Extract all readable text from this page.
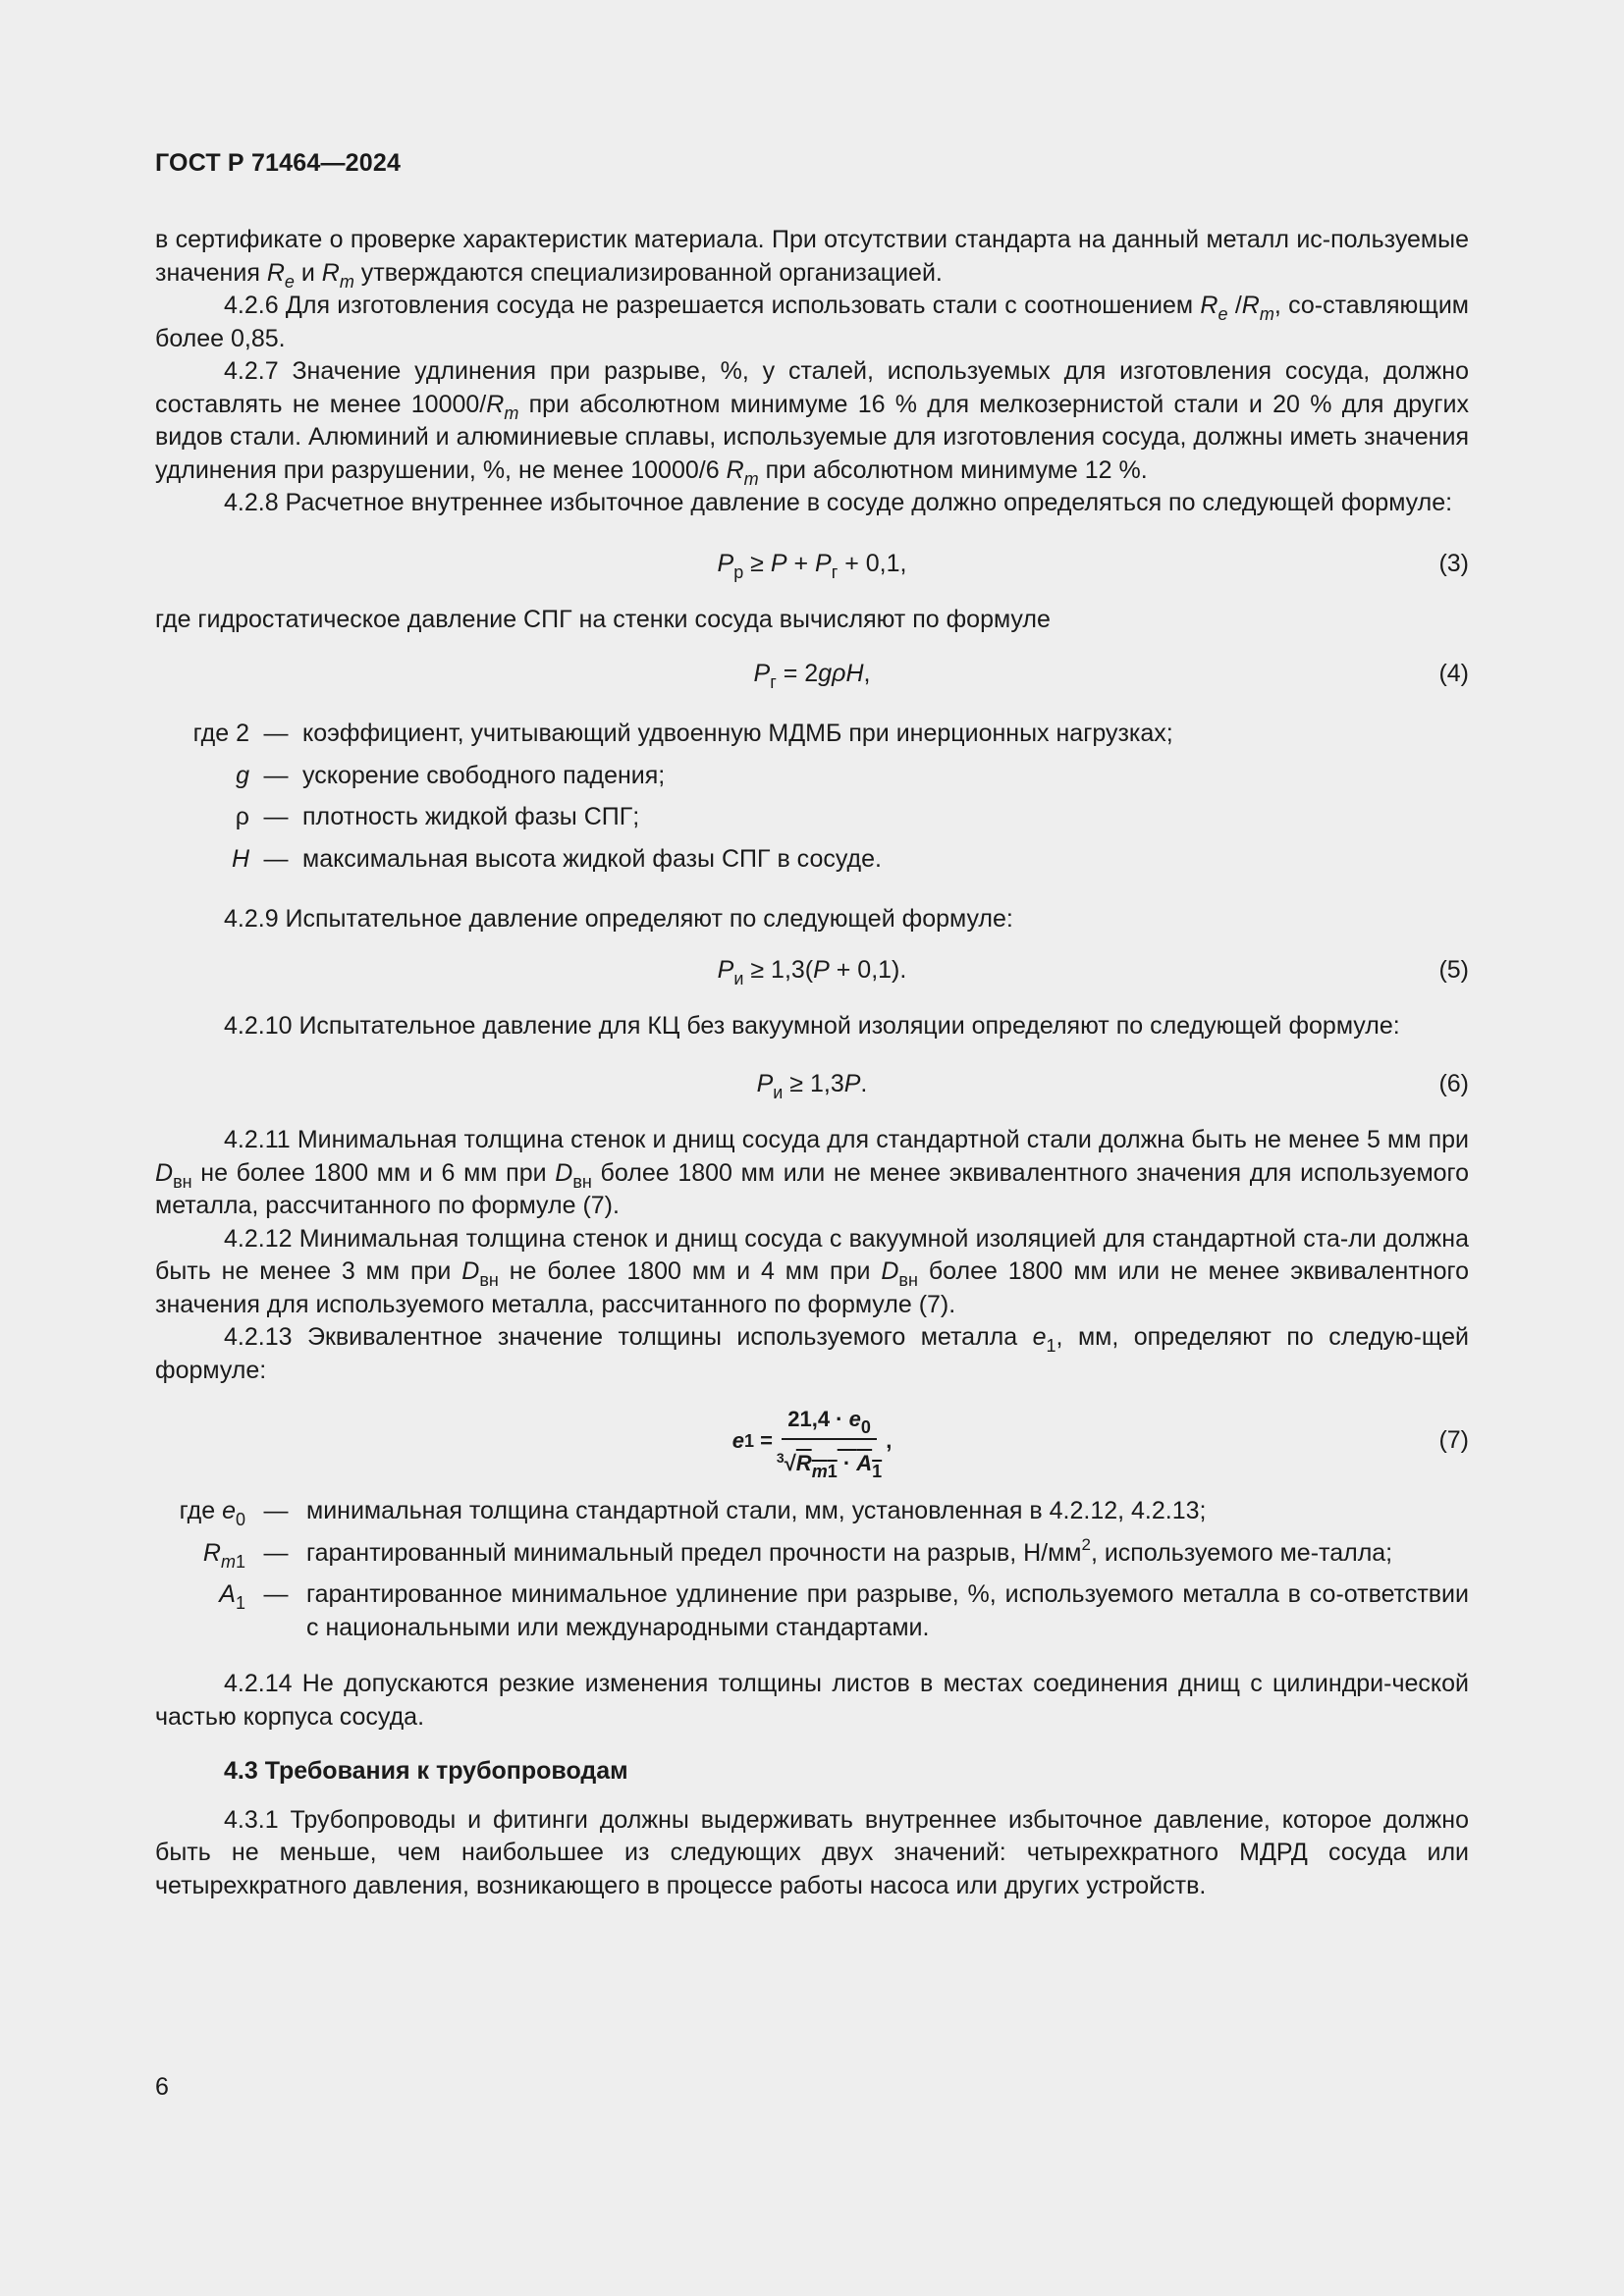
ГОСТ Р 71464—2024

в сертификате о проверке характеристик материала. При отсутствии стандарта на данный металл ис-пользуемые значения $R_e$ и $R_m$ утверждаются специализированной организацией.

4.2.6 Для изготовления сосуда не разрешается использовать стали с соотношением $R_e$ $/R_m$, со-ставляющим более 0,85.

4.2.7 Значение удлинения при разрыве, %, у сталей, используемых для изготовления сосуда, должно составлять не менее $10000/R_m$ при абсолютном минимуме 16 % для мелкозернистой стали и 20 % для других видов стали. Алюминий и алюминиевые сплавы, используемые для изготовления сосуда, должны иметь значения удлинения при разрушении, %, не менее 10000/6 $R_m$ при абсолютном минимуме 12 %.

4.2.8 Расчетное внутреннее избыточное давление в сосуде должно определяться по следующей формуле:

$P_р \ge P + P_г + 0,1$,	(3)

где гидростатическое давление СПГ на стенки сосуда вычисляют по формуле

$P_г = 2g\rho H$,	(4)
где 2 — коэффициент, учитывающий удвоенную МДМБ при инерционных нагрузках;
g — ускорение свободного падения;
ρ — плотность жидкой фазы СПГ;
H — максимальная высота жидкой фазы СПГ в сосуде.

4.2.9 Испытательное давление определяют по следующей формуле:

$P_и \ge 1,3(P + 0,1)$.	(5)

4.2.10 Испытательное давление для КЦ без вакуумной изоляции определяют по следующей формуле:

$P_и \ge 1,3P$.	(6)

4.2.11 Минимальная толщина стенок и днищ сосуда для стандартной стали должна быть не менее 5 мм при $D_{вн}$ не более 1800 мм и 6 мм при $D_{вн}$ более 1800 мм или не менее эквивалентного значения для используемого металла, рассчитанного по формуле (7).

4.2.12 Минимальная толщина стенок и днищ сосуда с вакуумной изоляцией для стандартной ста-ли должна быть не менее 3 мм при $D_{вн}$ не более 1800 мм и 4 мм при $D_{вн}$ более 1800 мм или не менее эквивалентного значения для используемого металла, рассчитанного по формуле (7).

4.2.13 Эквивалентное значение толщины используемого металла $e_1$, мм, определяют по следую-щей формуле:

e $1 = \frac{21,4 \cdot e_0}{^3√R_{m1} \cdot A_1}$ ,	(7)
где $e_0$ — минимальная толщина стандартной стали, мм, установленная в 4.2.12, 4.2.13;
$R_{m1}$ — гарантированный минимальный предел прочности на разрыв, $Н/мм^2$, используемого ме-талла;
$A_1$ — гарантированное минимальное удлинение при разрыве, %, используемого металла в со-ответствии с национальными или международными стандартами.

4.2.14 Не допускаются резкие изменения толщины листов в местах соединения днищ с цилиндри-ческой частью корпуса сосуда.

4.3 Требования к трубопроводам

4.3.1 Трубопроводы и фитинги должны выдерживать внутреннее избыточное давление, которое должно быть не меньше, чем наибольшее из следующих двух значений: четырехкратного МДРД сосуда или четырехкратного давления, возникающего в процессе работы насоса или других устройств.

6
